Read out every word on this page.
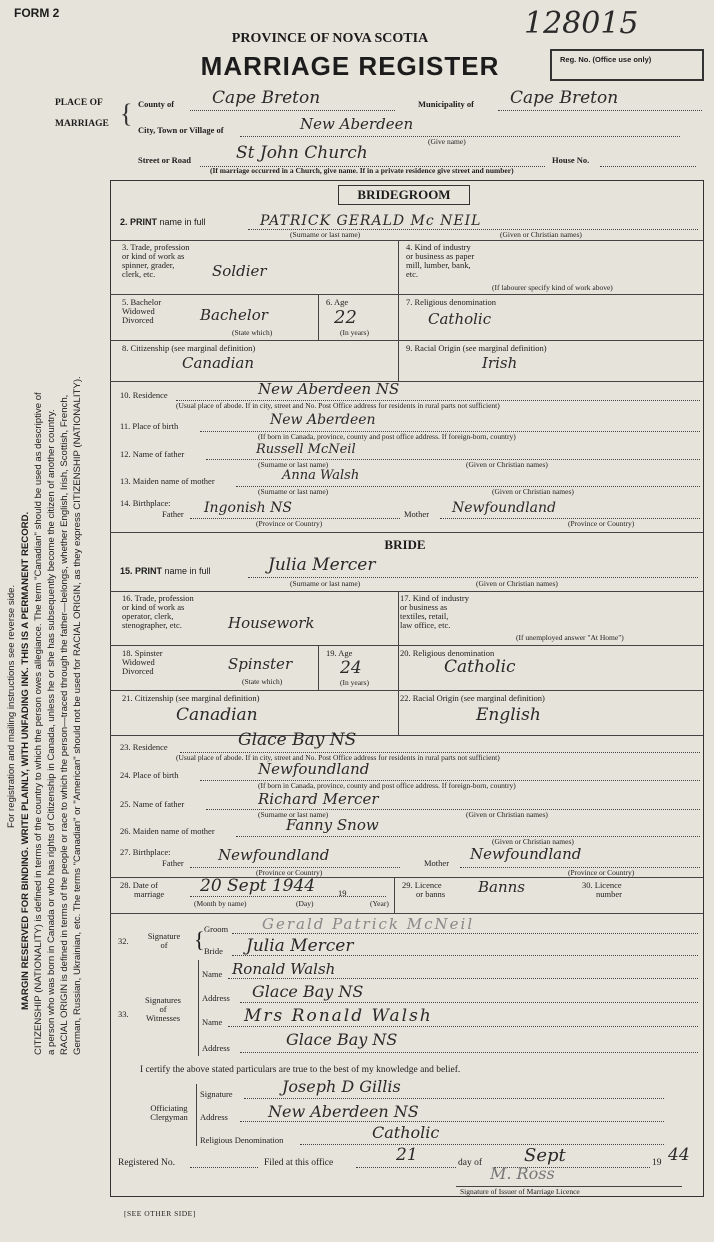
FORM 2
PROVINCE OF NOVA SCOTIA
MARRIAGE REGISTER
128015
Reg. No. (Office use only)
PLACE OF
MARRIAGE { County of Cape Breton	Municipality of Cape Breton
City, Town or Village of	New Aberdeen
(Give name)
Street or Road	St John Church	House No.
(If marriage occurred in a Church, give name. If in a private residence give street and number)
For registration and mailing instructions see reverse side. MARGIN RESERVED FOR BINDING. WRITE PLAINLY, WITH UNFADING INK. THIS IS A PERMANENT RECORD. CITIZENSHIP (NATIONALITY) is defined in terms of the country to which the person owes allegiance. The term "Canadian" should be used as descriptive of a person who was born in Canada or who has rights of Citizenship in Canada, unless he or she has subsequently become the citizen of another country. RACIAL ORIGIN is defined in terms of the people or race to which the person—traced through the father—belongs, whether English, Irish, Scottish, French, German, Russian, Ukrainian, etc. The terms "Canadian" or "American" should not be used for RACIAL ORIGIN, as they express CITIZENSHIP (NATIONALITY).
BRIDEGROOM
2. PRINT name in full	PATRICK GERALD Mc NEIL
(Surname or last name)	(Given or Christian names)
3. Trade, profession
or kind of work as
spinner, grader,
clerk, etc.	Soldier
4. Kind of industry
or business as paper
mill, lumber, bank,
etc.
(If labourer specify kind of work above)
5. Bachelor
Widowed
Divorced	Bachelor
(State which)
6. Age
22
(In years)
7. Religious denomination
Catholic
8. Citizenship (see marginal definition)
Canadian
9. Racial Origin (see marginal definition)
Irish
10. Residence	New Aberdeen NS
(Usual place of abode. If in city, street and No. Post Office address for residents in rural parts not sufficient)
11. Place of birth	New Aberdeen
(If born in Canada, province, county and post office address. If foreign-born, country)
12. Name of father	Russell McNeil
(Surname or last name)	(Given or Christian names)
13. Maiden name of mother	Anna Walsh
(Surname or last name)	(Given or Christian names)
14. Birthplace:
Father Ingonish NS	Mother Newfoundland
(Province or Country)	(Province or Country)
BRIDE
15. PRINT name in full	Julia Mercer
(Surname or last name)	(Given or Christian names)
16. Trade, profession
or kind of work as
operator, clerk,
stenographer, etc.	Housework
17. Kind of industry
or business as
textiles, retail,
law office, etc.
(If unemployed answer "At Home")
18. Spinster
Widowed
Divorced	Spinster
(State which)
19. Age
24
(In years)
20. Religious denomination
Catholic
21. Citizenship (see marginal definition)
Canadian
22. Racial Origin (see marginal definition)
English
23. Residence	Glace Bay NS
(Usual place of abode. If in city, street and No. Post Office address for residents in rural parts not sufficient)
24. Place of birth	Newfoundland
(If born in Canada, province, county and post office address. If foreign-born, country)
25. Name of father	Richard Mercer
(Surname or last name)	(Given or Christian names)
26. Maiden name of mother	Fanny Snow
(Given or Christian names)
27. Birthplace:
Father Newfoundland	Mother Newfoundland
(Province or Country)	(Province or Country)
28. Date of
marriage 20 Sept 1944	19
(Month by name)	(Day)	(Year)
29. Licence
or banns Banns	30. Licence
number
32.	Signature
of	{ Groom Gerald Patrick McNeil
Bride Julia Mercer
33.
Signatures
of
Witnesses
Name Ronald Walsh
Address Glace Bay NS
Name Mrs Ronald Walsh
Address	Glace Bay NS
I certify the above stated particulars are true to the best of my knowledge and belief.
Officiating
Clergyman
Signature	Joseph D Gillis
Address	New Aberdeen NS
Religious Denomination	Catholic
Registered No.	Filed at this office	21	day of Sept	19 44
M. Ross
Signature of Issuer of Marriage Licence
[SEE OTHER SIDE]
